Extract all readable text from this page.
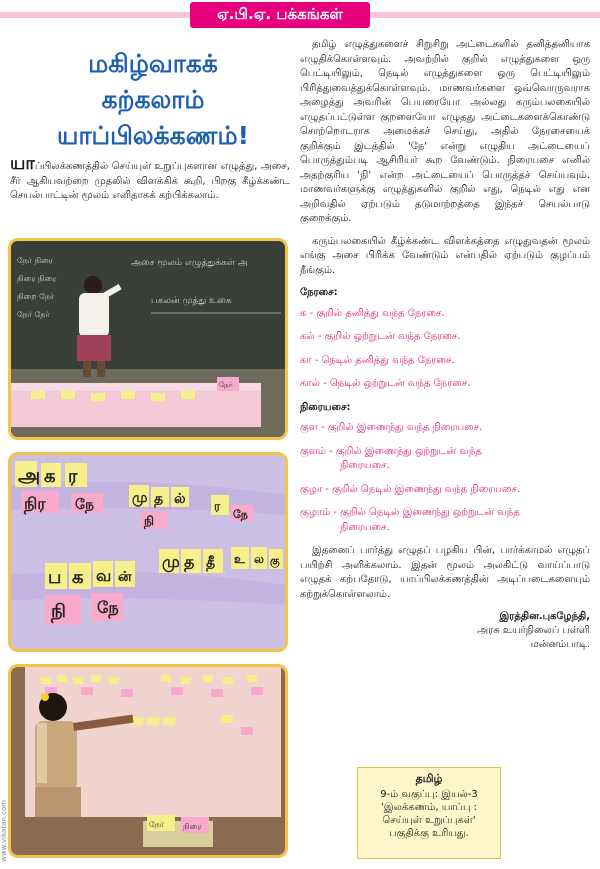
ஏ.பி.ஏ. பக்கங்கள்
மகிழ்வாகக்
கற்கலாம்
யாப்பிலக்கணம்!
யாப்பிலக்கணத்தில் செய்யுள் உறுப்புகளான எழுத்து, அசை, சீர் ஆகியவற்றை முதலில் விளக்கிக் கூறி, பிறகு கீழ்க்கண்ட செயல்பாட்டின் மூலம் எளிதாகக் கற்பிக்கலாம்.
நேர் நிரை
நிரை நிரை
நிறை நேர்
நேர் நேர்
அசை மூலம் எழுத்துக்கள் அ
பகலன் முத்து உகை
நேர்
அ க ர
நிர நே	மு த ல்
நி
ர
நே
ப க வ ன்
நி நே
மு த தீ உ ல கு
நேர் நிரை
www.vikatan.com

தமிழ் எழுத்துகளைச் சிறுசிறு அட்டைகளில் தனித்தனியாக எழுதிக்கொள்ளவும். அவற்றில் குறில் எழுத்துகளை ஒரு பெட்டியிலும், நெடில் எழுத்துகளை ஒரு பெட்டியிலும் பிரித்துவைத்துக்கொள்ளவும். மாணவர்களை ஒவ்வொருவராக அழைத்து அவரின் பெயரையோ அல்லது கரும்பலகையில் எழுதப்பட்டுள்ள குறளையோ எழுதது அட்டைகளைக்கொண்டு சொற்றொடராக அமைக்கச் செய்து, அதில் நேரசையைக் குறிக்கும் இடத்தில் 'நே' என்று எழுதிய அட்டையைப் பொருத்தும்படி ஆசிரியர் கூற வேண்டும். நிரையசை எனில் அதற்குரிய 'நி' என்ற அட்டையைப் பொருத்தச் செய்யவும். மாணவர்களுக்கு எழுத்துகளில் குறில் எது, நெடில் எது என அறிவதில் ஏற்படும் தடுமாற்றத்தை இந்தச் செயல்பாடு குறைக்கும்.

கரும்பலகையில் கீழ்க்கண்ட விளக்கத்தை எழுதுவதன் மூலம் எங்கு அசை பிரிக்க வேண்டும் என்பதில் ஏற்படும் குழப்பம் நீங்கும்.

நேரசை:
க - குறில் தனித்து வந்த நேரசை.
கல் - குறில் ஒற்றுடன் வந்த நேரசை.
கா - நெடில் தனித்து வந்த நேரசை.
கால் - நெடில் ஒற்றுடன் வந்த நேரசை.
நிரையசை:
குள - குறில் இணைந்து வந்த நிரையசை.
குளம் - குறில் இணைந்து ஒற்றுடன் வந்த
நிரையசை.
குழா - குறில் நெடில் இணைந்து வந்த நிரையசை.
குழாம் - குறில் நெடில் இணைந்து ஒற்றுடன் வந்த
நிரையசை.

இதனைப் பார்த்து எழுதப் பழகிய பின், பார்க்காமல் எழுதப் பயிற்சி அளிக்கலாம். இதன் மூலம் அலகிட்டு வாய்ப்பாடு எழுதக் கற்பதோடு, யாப்பிலக்கணத்தின் அடிப்படைகளையும் கற்றுக்கொள்ளலாம்.

இரத்தின.புகழேந்தி,
அரசு உயர்நிலைப் பள்ளி
மன்னம்பாடி.
தமிழ்
9-ம் வகுப்பு: இயல்-3
'இலக்கணம், யாப்பு :
செய்யுள் உறுப்புகள்'
பகுதிக்கு உரியது.
